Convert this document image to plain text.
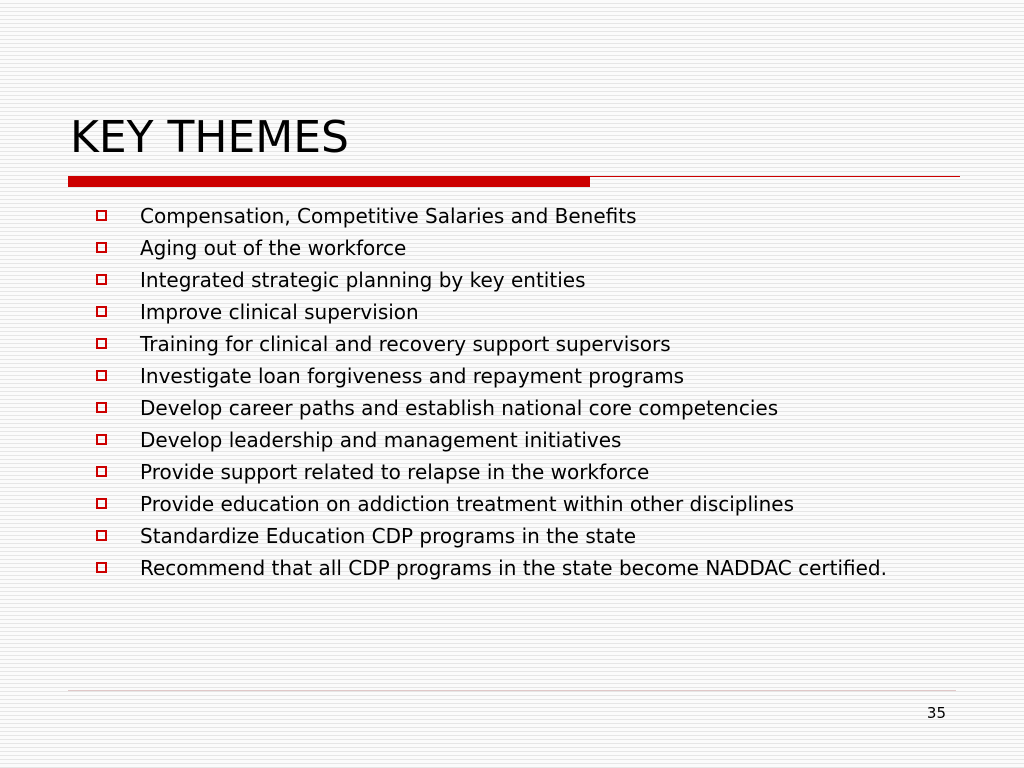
KEY THEMES
Compensation, Competitive Salaries and Benefits
Aging out of the workforce
Integrated strategic planning by key entities
Improve clinical supervision
Training for clinical and recovery support supervisors
Investigate loan forgiveness and repayment programs
Develop career paths and establish national core competencies
Develop leadership and management initiatives
Provide support related to relapse in the workforce
Provide education on addiction treatment within other disciplines
Standardize Education CDP programs in the state
Recommend that all CDP programs in the state become NADDAC certified.
35
